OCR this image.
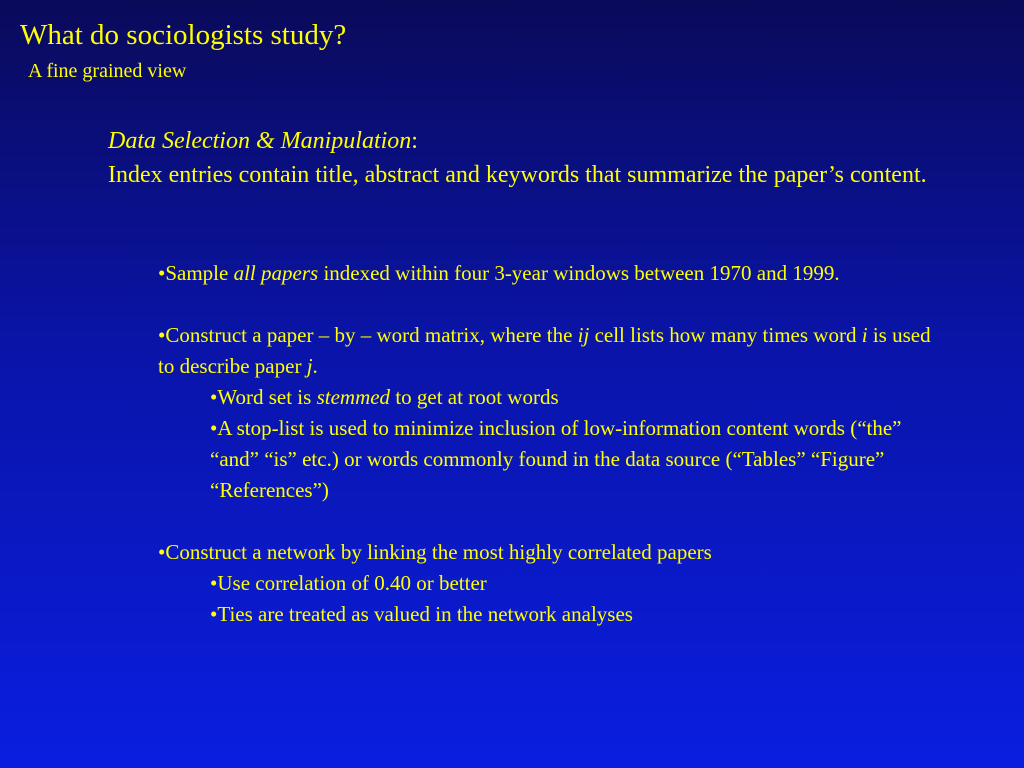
What do sociologists study?
A fine grained view
Data Selection & Manipulation:
Index entries contain title, abstract and keywords that summarize the paper’s content.

•Sample all papers indexed within four 3-year windows between 1970 and 1999.

•Construct a paper – by – word matrix, where the ij cell lists how many times word i is used to describe paper j.

•Word set is stemmed to get at root words

•A stop-list is used to minimize inclusion of low-information content words (“the” “and” “is” etc.) or words commonly found in the data source (“Tables” “Figure” “References”)

•Construct a network by linking the most highly correlated papers

•Use correlation of 0.40 or better

•Ties are treated as valued in the network analyses
